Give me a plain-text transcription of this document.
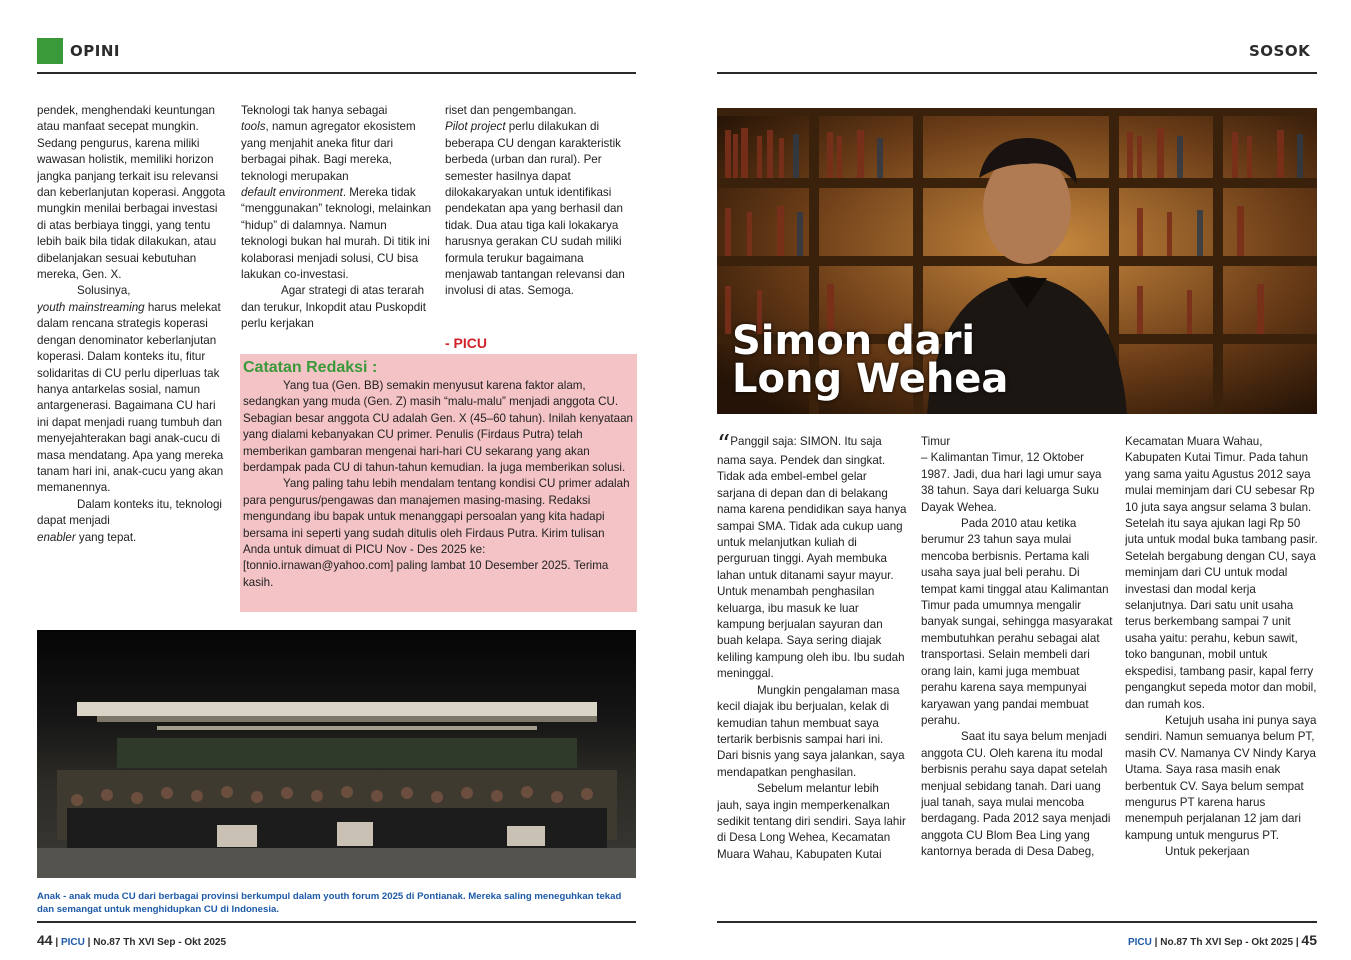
OPINI

pendek, menghendaki keuntungan atau manfaat secepat mungkin. Sedang pengurus, karena miliki wawasan holistik, memiliki horizon jangka panjang terkait isu relevansi dan keberlanjutan koperasi. Anggota mungkin menilai berbagai investasi di atas berbiaya tinggi, yang tentu lebih baik bila tidak dilakukan, atau dibelanjakan sesuai kebutuhan mereka, Gen. X.

Solusinya,
youth mainstreaming harus melekat dalam rencana strategis koperasi dengan denominator keberlanjutan koperasi. Dalam konteks itu, fitur solidaritas di CU perlu diperluas tak hanya antarkelas sosial, namun antargenerasi. Bagaimana CU hari ini dapat menjadi ruang tumbuh dan menyejahterakan bagi anak-cucu di masa mendatang. Apa yang mereka tanam hari ini, anak-cucu yang akan memanennya.

Dalam konteks itu, teknologi dapat menjadi
enabler yang tepat.

Teknologi tak hanya sebagai
tools, namun agregator ekosistem yang menjahit aneka fitur dari berbagai pihak. Bagi mereka, teknologi merupakan
default environment. Mereka tidak “menggunakan” teknologi, melainkan “hidup” di dalamnya. Namun teknologi bukan hal murah. Di titik ini kolaborasi menjadi solusi, CU bisa lakukan co-investasi.

Agar strategi di atas terarah dan terukur, Inkopdit atau Puskopdit perlu kerjakan

riset dan pengembangan.
Pilot project perlu dilakukan di beberapa CU dengan karakteristik berbeda (urban dan rural). Per semester hasilnya dapat dilokakaryakan untuk identifikasi pendekatan apa yang berhasil dan tidak. Dua atau tiga kali lokakarya harusnya gerakan CU sudah miliki formula terukur bagaimana menjawab tantangan relevansi dan involusi di atas. Semoga.

- PICU
Catatan Redaksi :

Yang tua (Gen. BB) semakin menyusut karena faktor alam, sedangkan yang muda (Gen. Z) masih “malu-malu” menjadi anggota CU. Sebagian besar anggota CU adalah Gen. X (45–60 tahun). Inilah kenyataan yang dialami kebanyakan CU primer. Penulis (Firdaus Putra) telah memberikan gambaran mengenai hari-hari CU sekarang yang akan berdampak pada CU di tahun-tahun kemudian. Ia juga memberikan solusi.

Yang paling tahu lebih mendalam tentang kondisi CU primer adalah para pengurus/pengawas dan manajemen masing-masing. Redaksi mengundang ibu bapak untuk menanggapi persoalan yang kita hadapi bersama ini seperti yang sudah ditulis oleh Firdaus Putra. Kirim tulisan Anda untuk dimuat di PICU Nov - Des 2025 ke: [tonnio.irnawan@yahoo.com] paling lambat 10 Desember 2025. Terima kasih.

Anak - anak muda CU dari berbagai provinsi berkumpul dalam youth forum 2025 di Pontianak. Mereka saling meneguhkan tekad dan semangat untuk menghidupkan CU di Indonesia.
44 | PICU | No.87 Th XVI Sep - Okt 2025
SOSOK
Simon dari
Long Wehea

“Panggil saja: SIMON. Itu saja nama saya. Pendek dan singkat. Tidak ada embel-embel gelar sarjana di depan dan di belakang nama karena pendidikan saya hanya sampai SMA. Tidak ada cukup uang untuk melanjutkan kuliah di perguruan tinggi. Ayah membuka lahan untuk ditanami sayur mayur. Untuk menambah penghasilan keluarga, ibu masuk ke luar kampung berjualan sayuran dan buah kelapa. Saya sering diajak keliling kampung oleh ibu. Ibu sudah meninggal.

Mungkin pengalaman masa kecil diajak ibu berjualan, kelak di kemudian tahun membuat saya tertarik berbisnis sampai hari ini. Dari bisnis yang saya jalankan, saya mendapatkan penghasilan.

Sebelum melantur lebih jauh, saya ingin memperkenalkan sedikit tentang diri sendiri. Saya lahir di Desa Long Wehea, Kecamatan Muara Wahau, Kabupaten Kutai

Timur
– Kalimantan Timur, 12 Oktober 1987. Jadi, dua hari lagi umur saya 38 tahun. Saya dari keluarga Suku Dayak Wehea.

Pada 2010 atau ketika berumur 23 tahun saya mulai mencoba berbisnis. Pertama kali usaha saya jual beli perahu. Di tempat kami tinggal atau Kalimantan Timur pada umumnya mengalir banyak sungai, sehingga masyarakat membutuhkan perahu sebagai alat transportasi. Selain membeli dari orang lain, kami juga membuat perahu karena saya mempunyai karyawan yang pandai membuat perahu.

Saat itu saya belum menjadi anggota CU. Oleh karena itu modal berbisnis perahu saya dapat setelah menjual sebidang tanah. Dari uang jual tanah, saya mulai mencoba berdagang. Pada 2012 saya menjadi anggota CU Blom Bea Ling yang kantornya berada di Desa Dabeg,

Kecamatan Muara Wahau, Kabupaten Kutai Timur. Pada tahun yang sama yaitu Agustus 2012 saya mulai meminjam dari CU sebesar Rp 10 juta saya angsur selama 3 bulan. Setelah itu saya ajukan lagi Rp 50 juta untuk modal buka tambang pasir. Setelah bergabung dengan CU, saya meminjam dari CU untuk modal investasi dan modal kerja selanjutnya. Dari satu unit usaha terus berkembang sampai 7 unit usaha yaitu: perahu, kebun sawit, toko bangunan, mobil untuk ekspedisi, tambang pasir, kapal ferry pengangkut sepeda motor dan mobil, dan rumah kos.

Ketujuh usaha ini punya saya sendiri. Namun semuanya belum PT, masih CV. Namanya CV Nindy Karya Utama. Saya rasa masih enak berbentuk CV. Saya belum sempat mengurus PT karena harus menempuh perjalanan 12 jam dari kampung untuk mengurus PT.

Untuk pekerjaan

PICU | No.87 Th XVI Sep - Okt 2025 | 45
